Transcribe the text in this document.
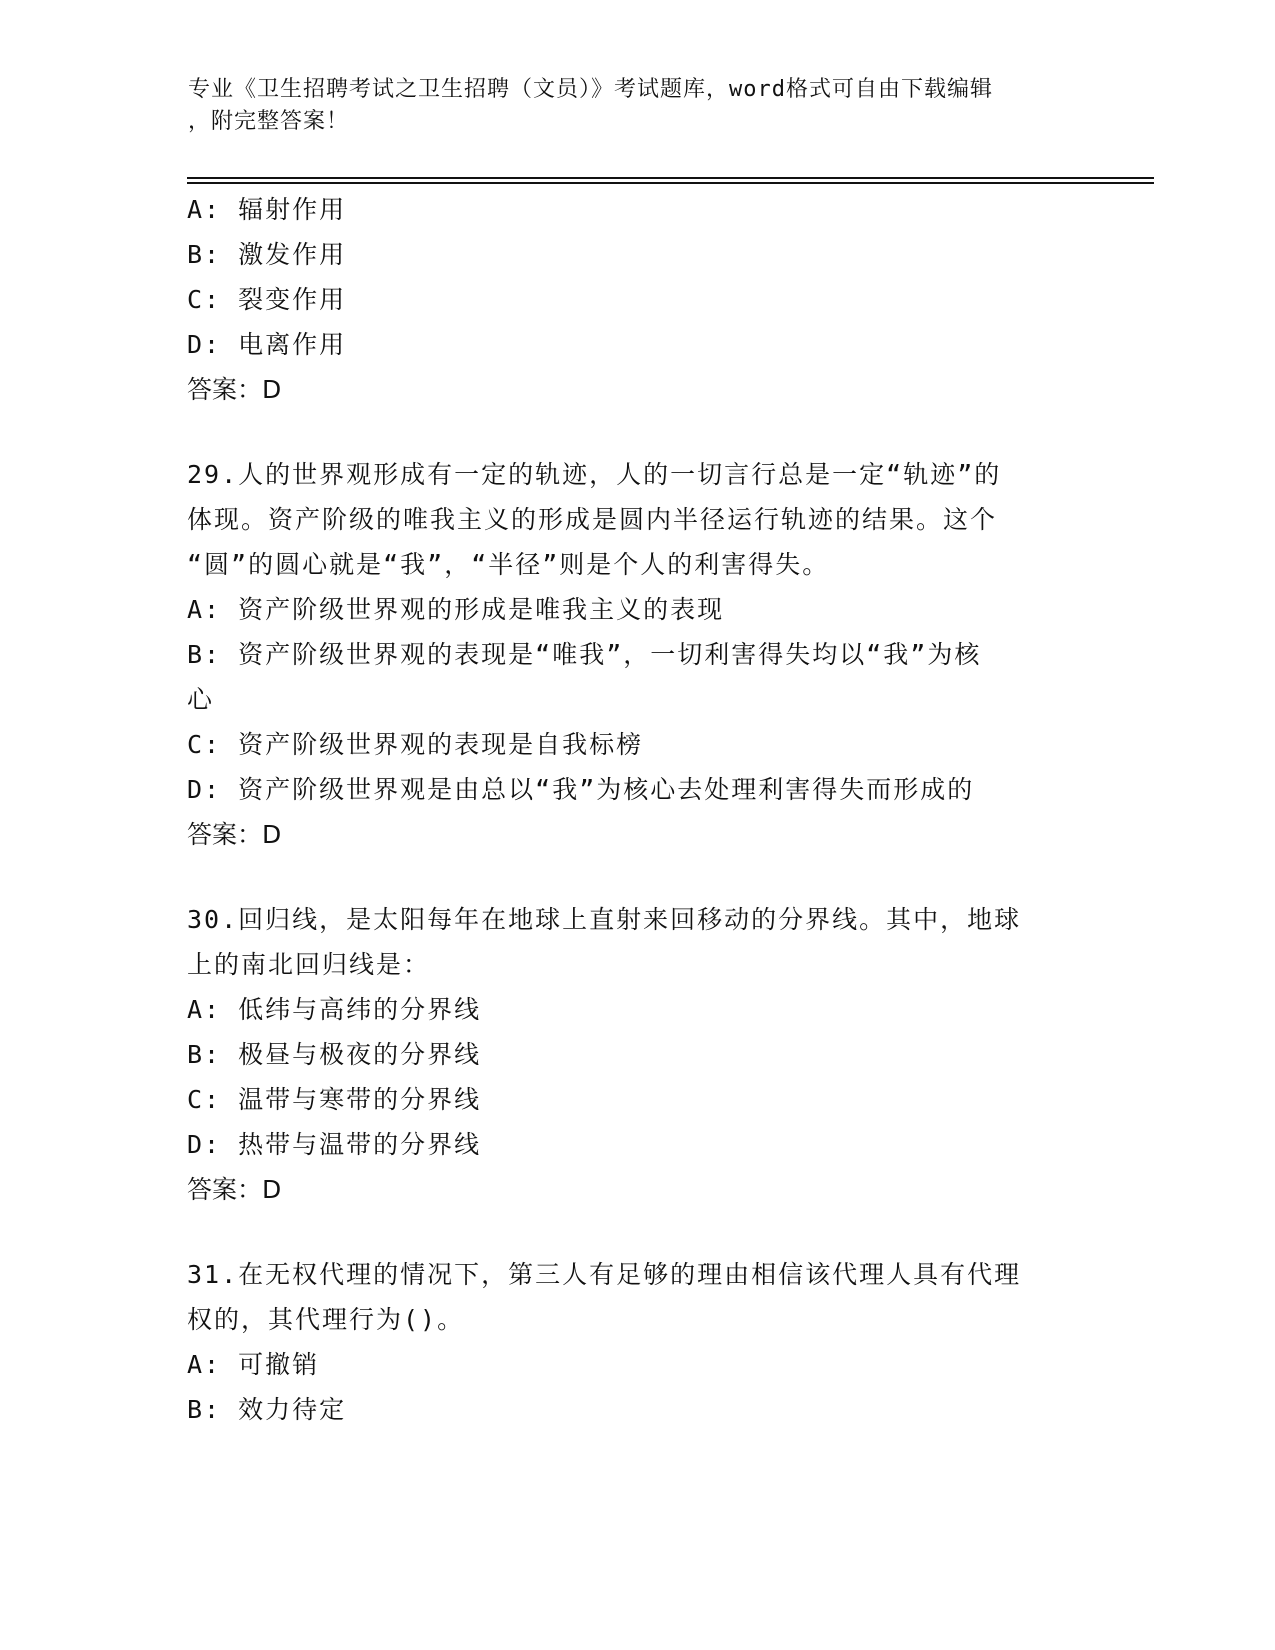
专业《卫生招聘考试之卫生招聘（文员）》考试题库，word格式可自由下载编辑
，附完整答案！
A: 辐射作用
B: 激发作用
C: 裂变作用
D: 电离作用
答案：D
29.人的世界观形成有一定的轨迹，人的一切言行总是一定“轨迹”的
体现。资产阶级的唯我主义的形成是圆内半径运行轨迹的结果。这个
“圆”的圆心就是“我”，“半径”则是个人的利害得失。
A: 资产阶级世界观的形成是唯我主义的表现
B: 资产阶级世界观的表现是“唯我”，一切利害得失均以“我”为核
心
C: 资产阶级世界观的表现是自我标榜
D: 资产阶级世界观是由总以“我”为核心去处理利害得失而形成的
答案：D
30.回归线，是太阳每年在地球上直射来回移动的分界线。其中，地球
上的南北回归线是：
A: 低纬与高纬的分界线
B: 极昼与极夜的分界线
C: 温带与寒带的分界线
D: 热带与温带的分界线
答案：D
31.在无权代理的情况下，第三人有足够的理由相信该代理人具有代理
权的，其代理行为()。
A: 可撤销
B: 效力待定
